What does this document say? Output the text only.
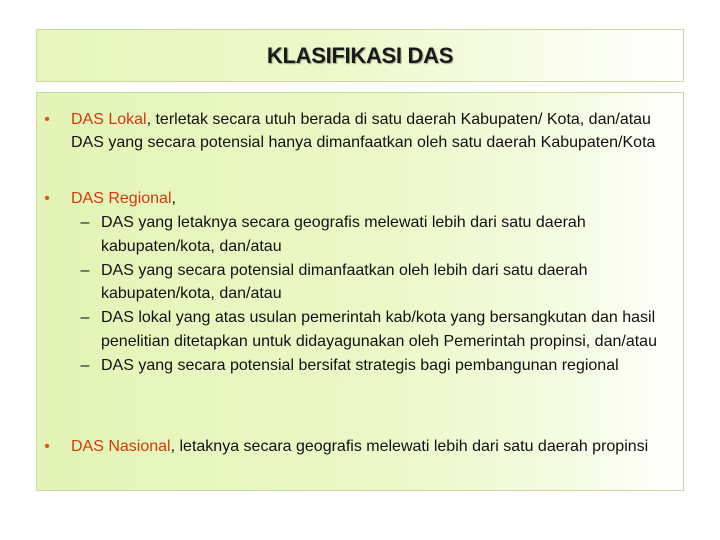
KLASIFIKASI DAS
•	DAS Lokal, terletak secara utuh berada di satu daerah Kabupaten/ Kota, dan/atau DAS yang secara potensial hanya dimanfaatkan oleh satu daerah Kabupaten/Kota
•	DAS Regional,
– DAS yang letaknya secara geografis melewati lebih dari satu daerah kabupaten/kota, dan/atau
– DAS yang secara potensial dimanfaatkan oleh lebih dari satu daerah kabupaten/kota, dan/atau
– DAS lokal yang atas usulan pemerintah kab/kota yang bersangkutan dan hasil penelitian ditetapkan untuk didayagunakan oleh Pemerintah propinsi, dan/atau
– DAS yang secara potensial bersifat strategis bagi pembangunan regional
•	DAS Nasional, letaknya secara geografis melewati lebih dari satu daerah propinsi
